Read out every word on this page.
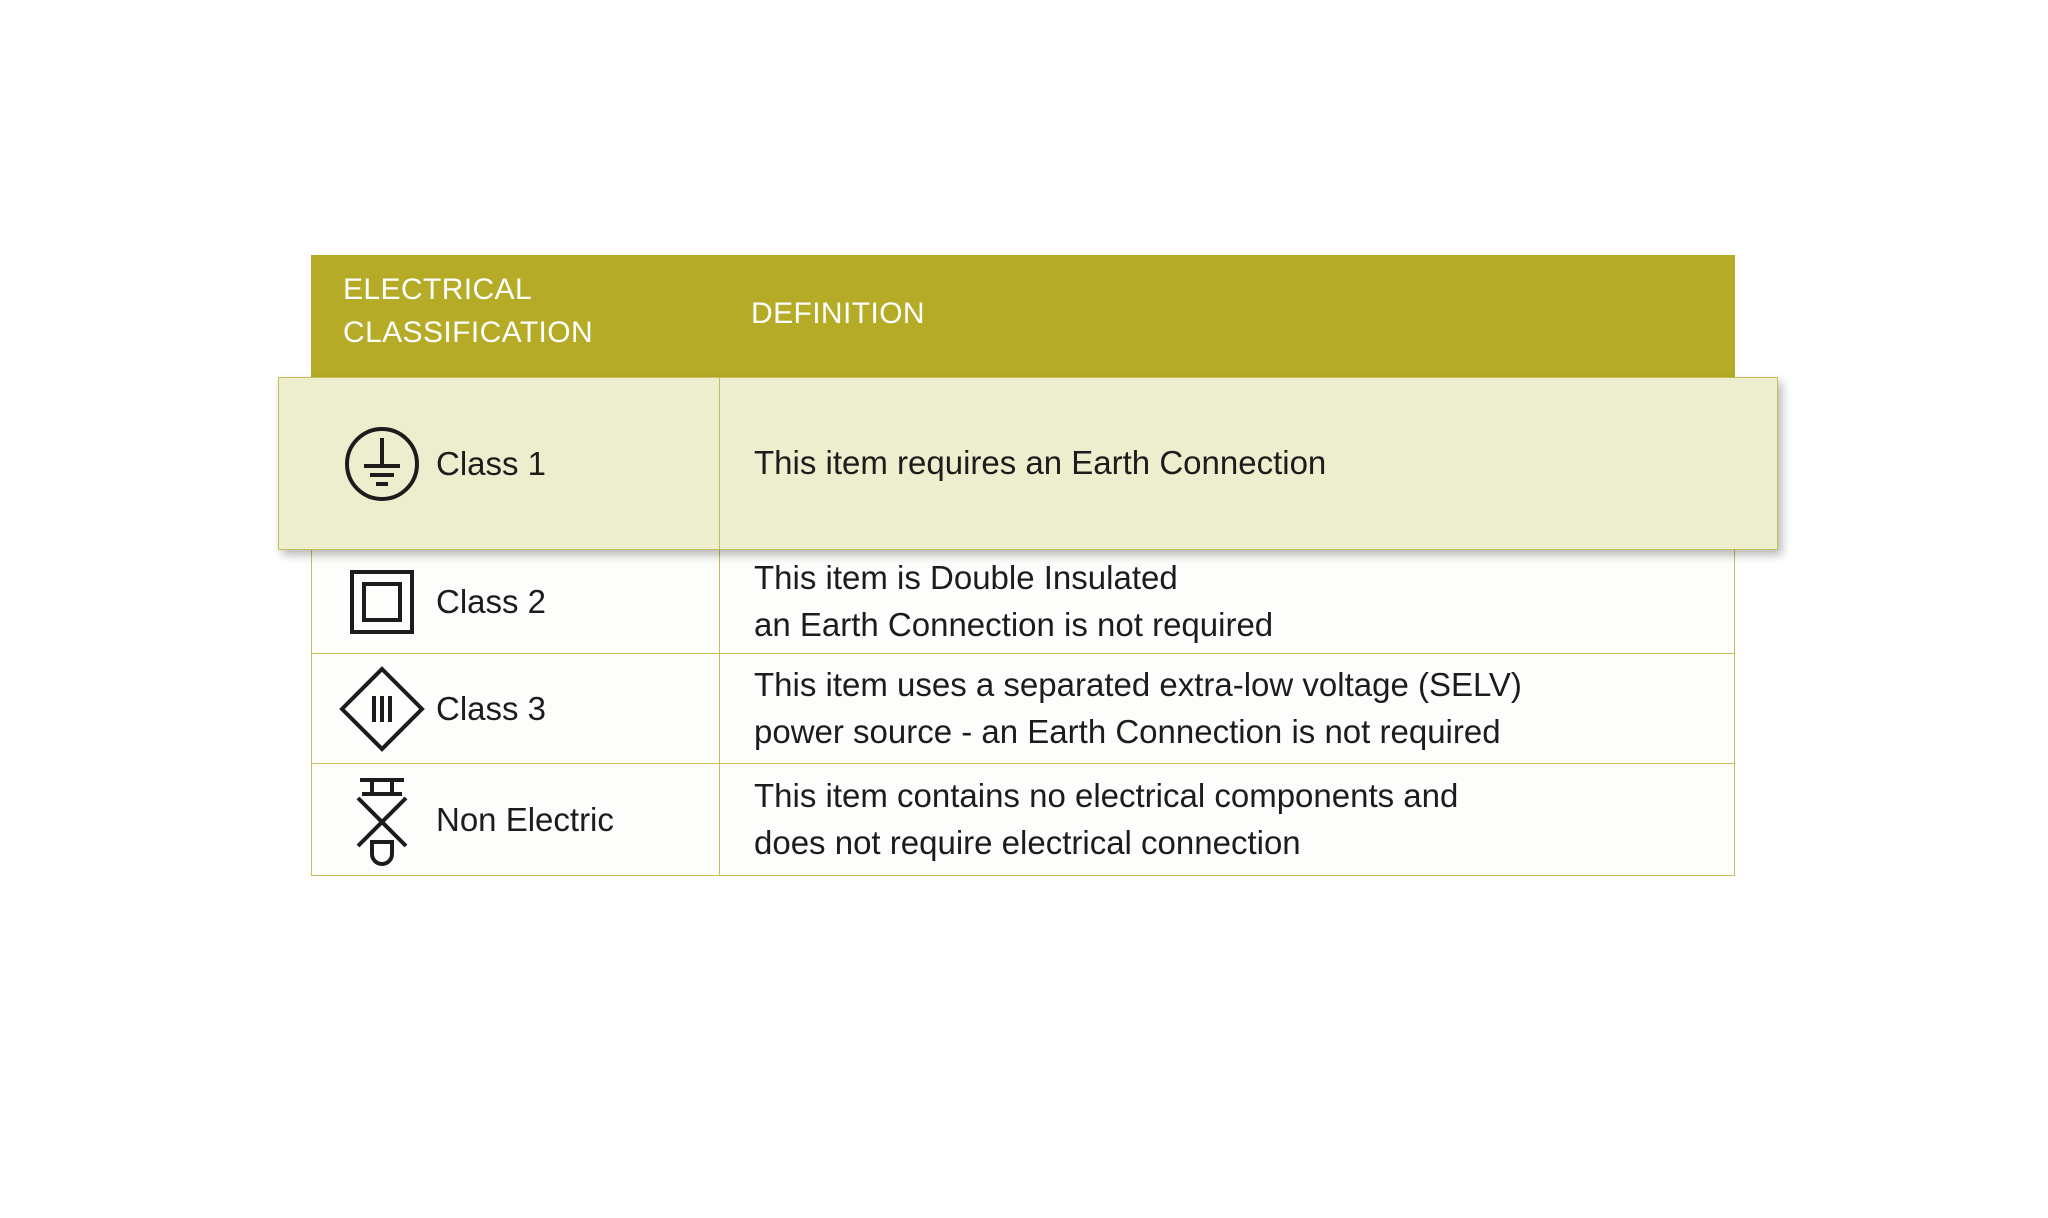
ELECTRICAL
CLASSIFICATION
DEFINITION
Class 1	This item requires an Earth Connection
Class 2
This item is Double Insulated
an Earth Connection is not required
Class 3
This item uses a separated extra-low voltage (SELV)
power source - an Earth Connection is not required
Non Electric
This item contains no electrical components and
does not require electrical connection
